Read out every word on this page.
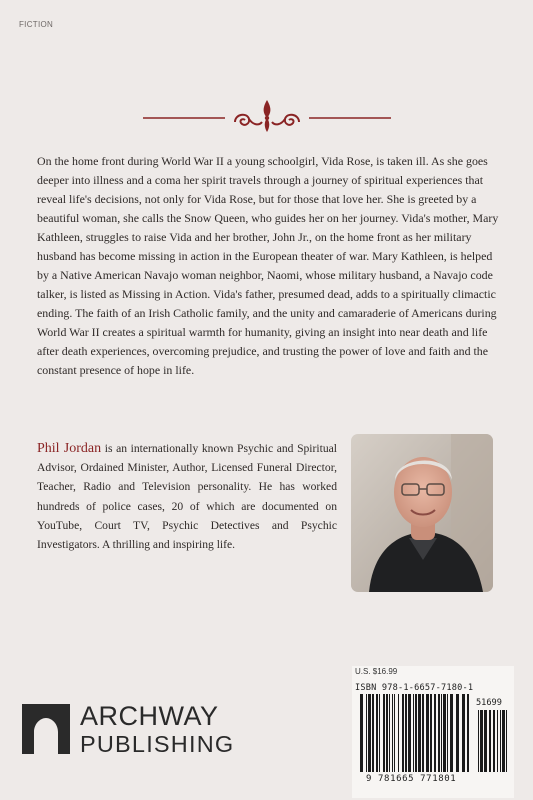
FICTION

On the home front during World War II a young schoolgirl, Vida Rose, is taken ill. As she goes deeper into illness and a coma her spirit travels through a journey of spiritual experiences that reveal life's decisions, not only for Vida Rose, but for those that love her. She is greeted by a beautiful woman, she calls the Snow Queen, who guides her on her journey. Vida's mother, Mary Kathleen, struggles to raise Vida and her brother, John Jr., on the home front as her military husband has become missing in action in the European theater of war. Mary Kathleen, is helped by a Native American Navajo woman neighbor, Naomi, whose military husband, a Navajo code talker, is listed as Missing in Action. Vida's father, presumed dead, adds to a spiritually climactic ending. The faith of an Irish Catholic family, and the unity and camaraderie of Americans during World War II creates a spiritual warmth for humanity, giving an insight into near death and life after death experiences, overcoming prejudice, and trusting the power of love and faith and the constant presence of hope in life.

Phil Jordan is an internationally known Psychic and Spiritual Advisor, Ordained Minister, Author, Licensed Funeral Director, Teacher, Radio and Television personality. He has worked hundreds of police cases, 20 of which are documented on YouTube, Court TV, Psychic Detectives and Psychic Investigators. A thrilling and inspiring life.

ARCHWAY
PUBLISHING
U.S. $16.99
ISBN 978-1-6657-7180-1
51699
9 781665 771801
